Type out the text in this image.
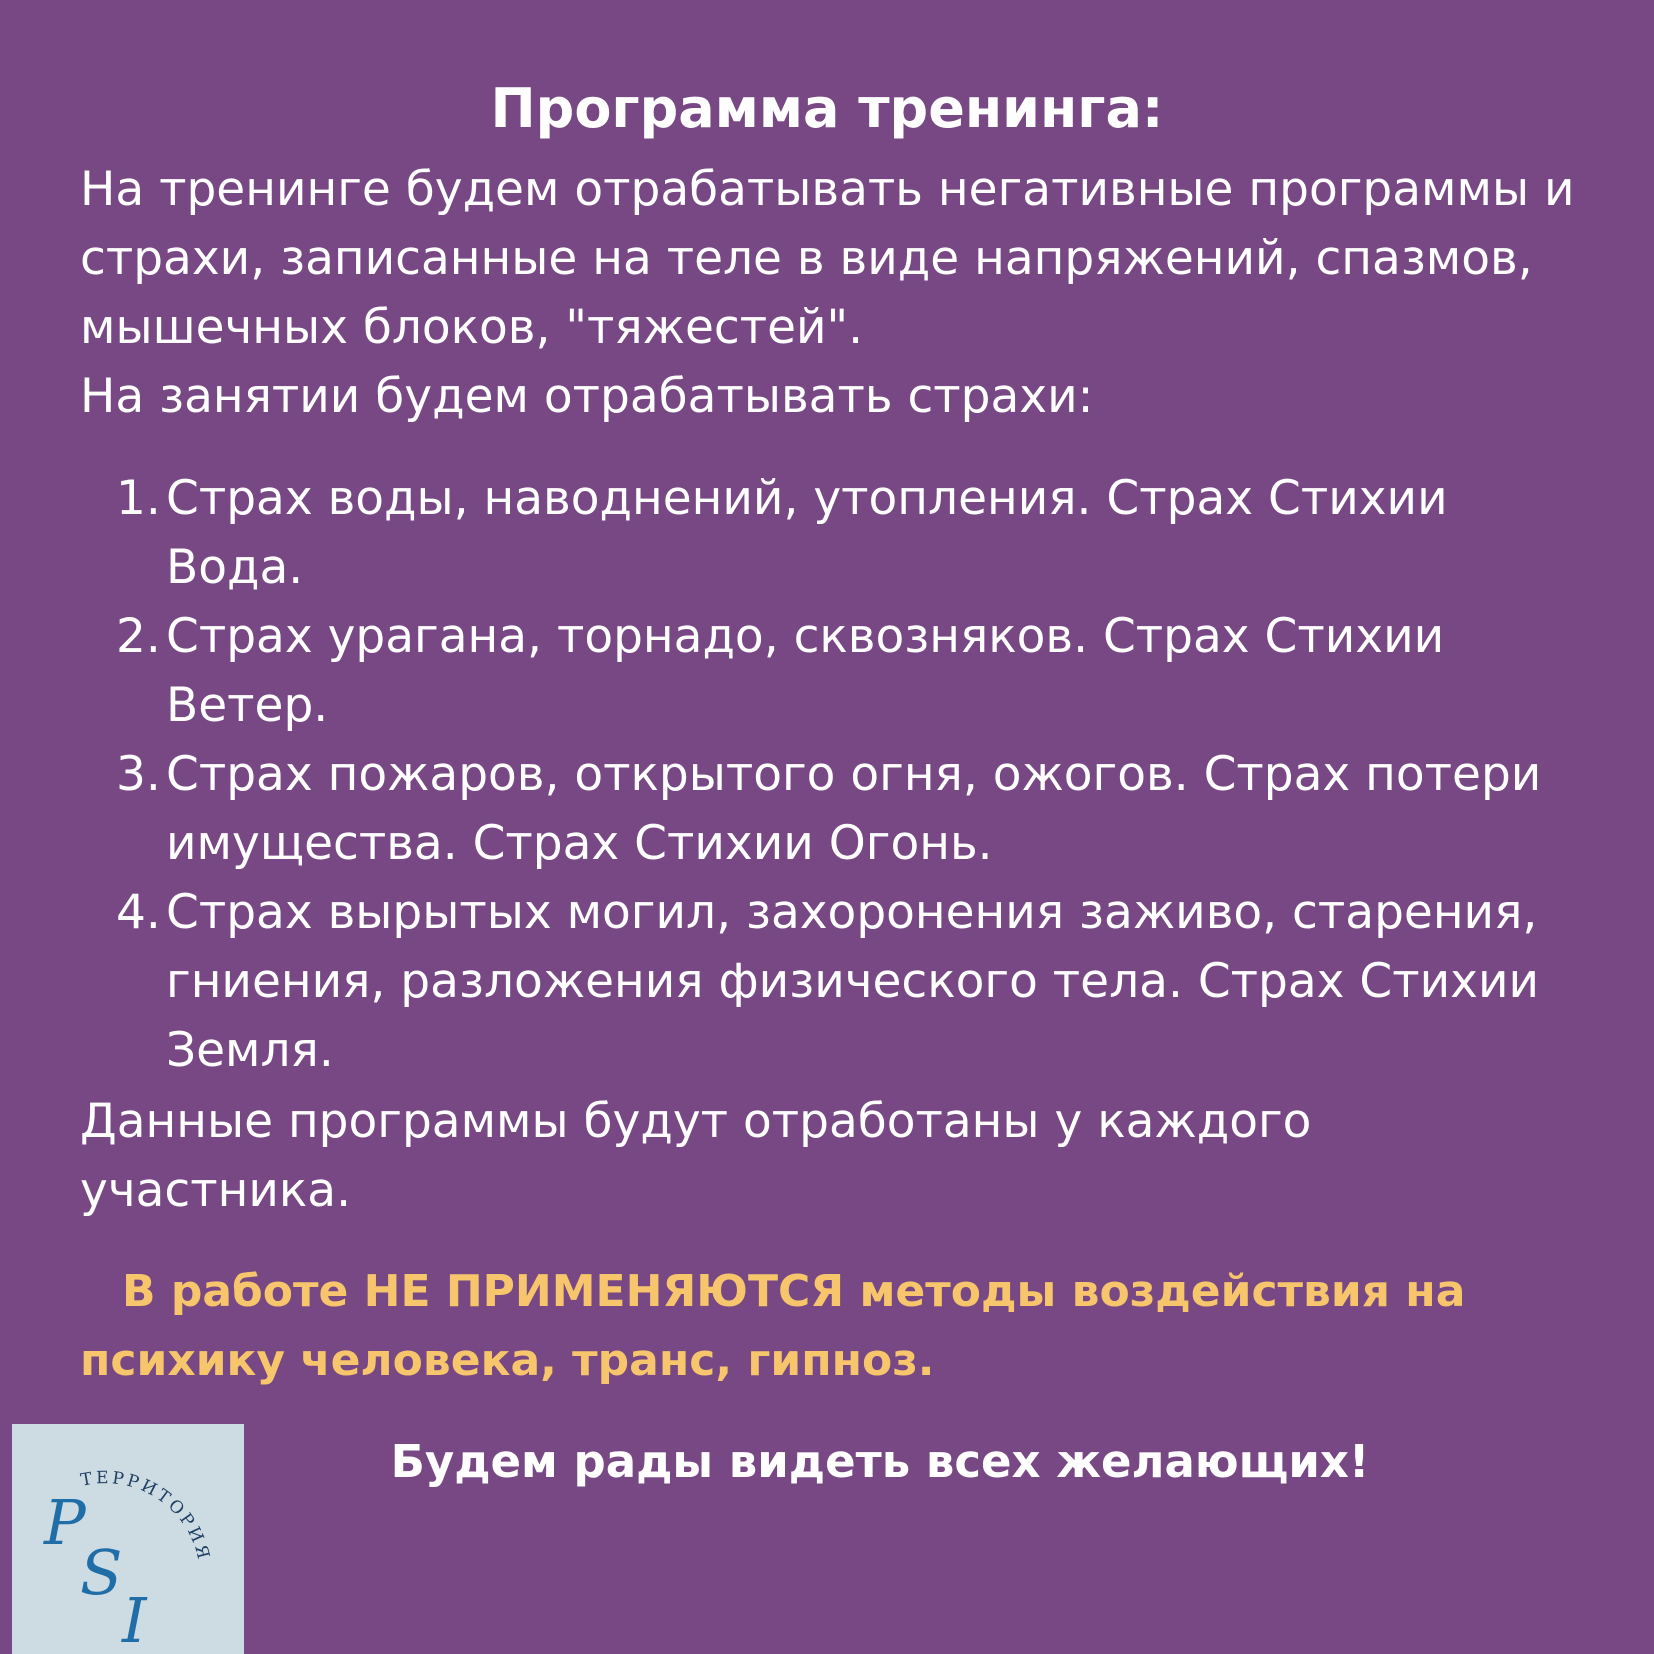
Программа тренинга:
На тренинге будем отрабатывать негативные программы и
страхи, записанные на теле в виде напряжений, спазмов,
мышечных блоков, "тяжестей".
На занятии будем отрабатывать страхи:
1. Страх воды, наводнений, утопления. Страх Стихии
Вода.
2. Страх урагана, торнадо, сквозняков. Страх Стихии
Ветер.
3. Страх пожаров, открытого огня, ожогов. Страх потери
имущества. Страх Стихии Огонь.
4. Страх вырытых могил, захоронения заживо, старения,
гниения, разложения физического тела. Страх Стихии
Земля.
Данные программы будут отработаны у каждого
участника.
В работе НЕ ПРИМЕНЯЮТСЯ методы воздействия на
психику человека, транс, гипноз.
Будем рады видеть всех желающих!
ТЕРРИТОРИЯ
P
S
I
